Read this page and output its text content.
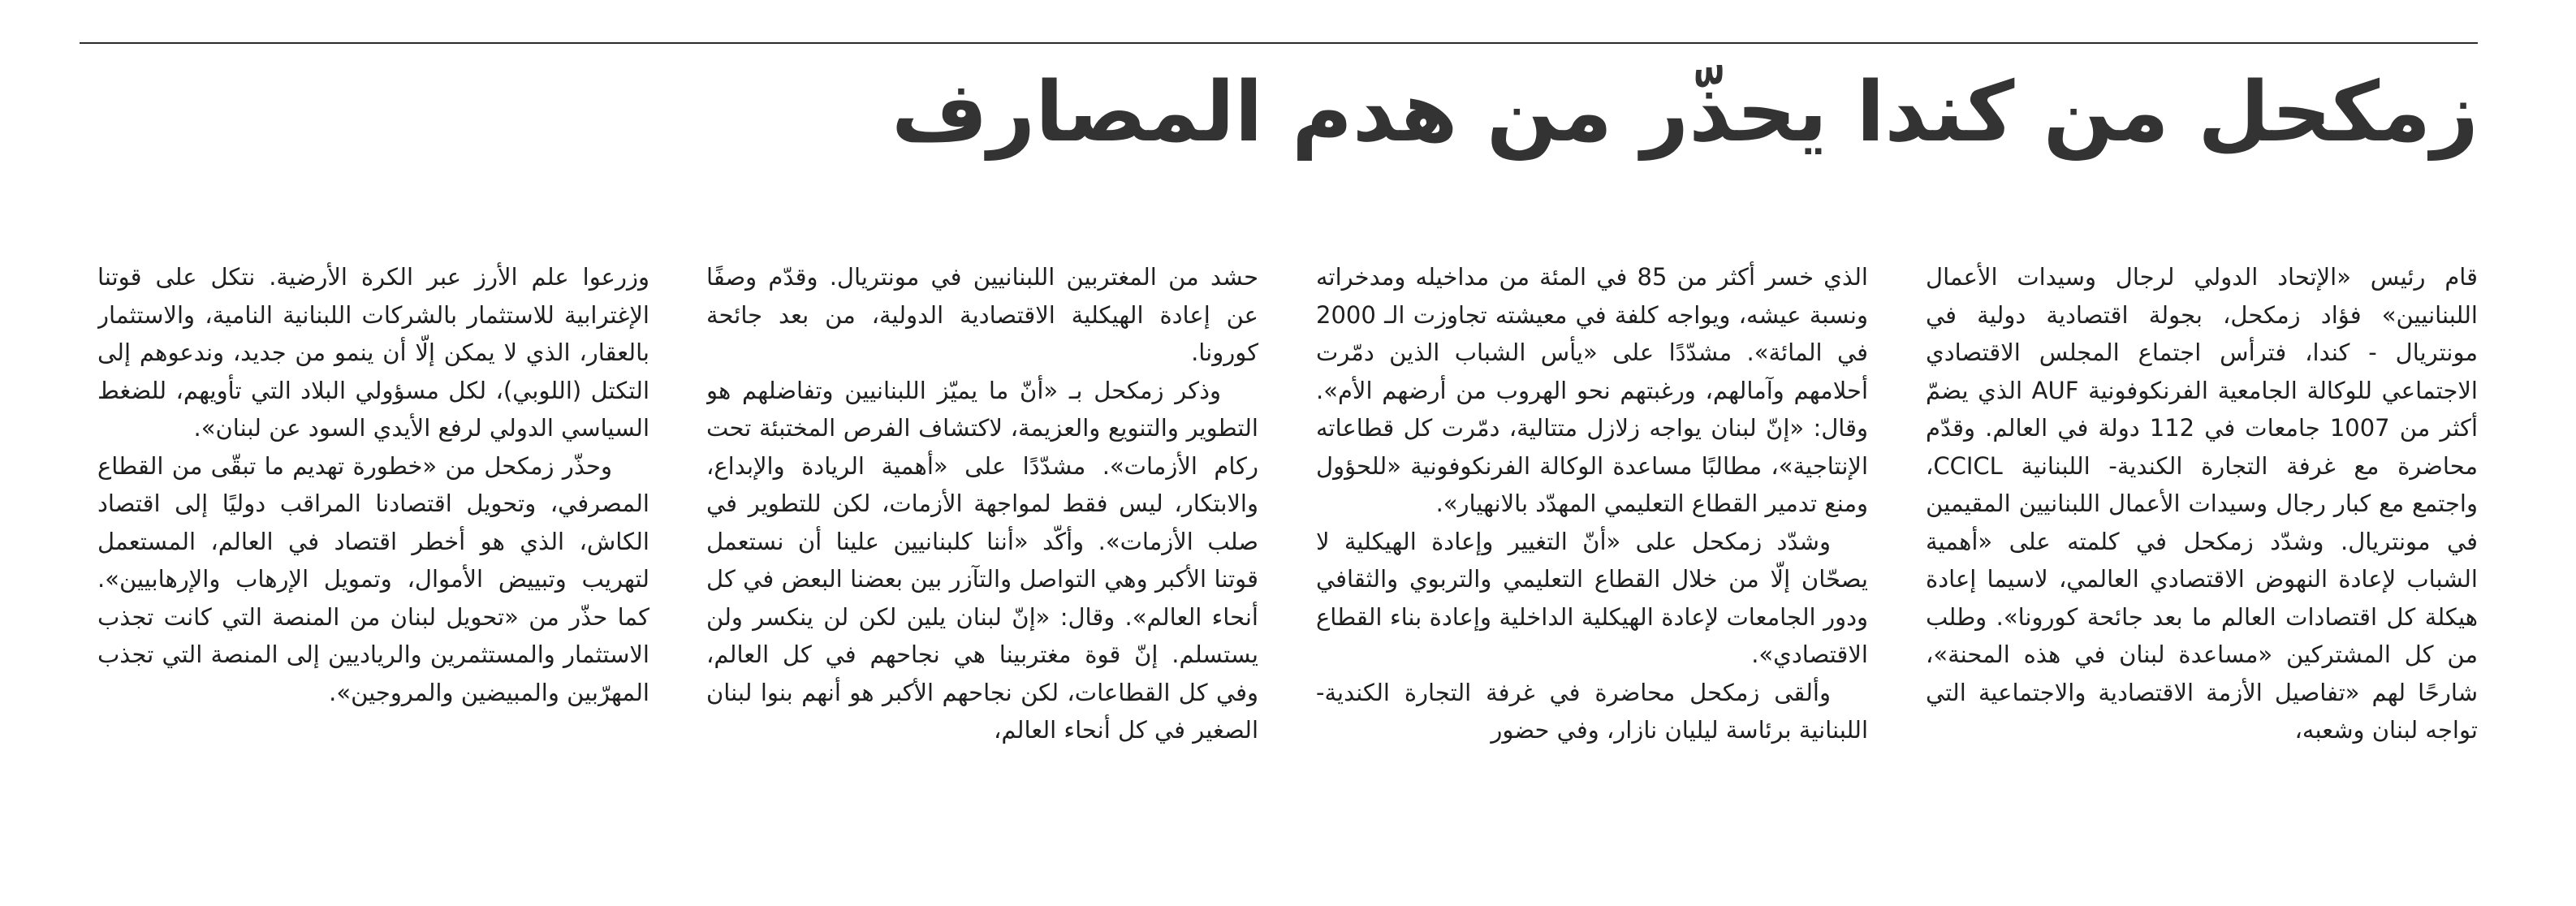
زمكحل من كندا يحذّر من هدم المصارف

قام رئيس «الإتحاد الدولي لرجال وسيدات الأعمال اللبنانيين» فؤاد زمكحل، بجولة اقتصادية دولية في مونتريال - كندا، فترأس اجتماع المجلس الاقتصادي الاجتماعي للوكالة الجامعية الفرنكوفونية AUF الذي يضمّ أكثر من 1007 جامعات في 112 دولة في العالم. وقدّم محاضرة مع غرفة التجارة الكندية- اللبنانية CCICL، واجتمع مع كبار رجال وسيدات الأعمال اللبنانيين المقيمين في مونتريال. وشدّد زمكحل في كلمته على «أهمية الشباب لإعادة النهوض الاقتصادي العالمي، لاسيما إعادة هيكلة كل اقتصادات العالم ما بعد جائحة كورونا». وطلب من كل المشتركين «مساعدة لبنان في هذه المحنة»، شارحًا لهم «تفاصيل الأزمة الاقتصادية والاجتماعية التي تواجه لبنان وشعبه،

الذي خسر أكثر من 85 في المئة من مداخيله ومدخراته ونسبة عيشه، ويواجه كلفة في معيشته تجاوزت الـ 2000 في المائة». مشدّدًا على «يأس الشباب الذين دمّرت أحلامهم وآمالهم، ورغبتهم نحو الهروب من أرضهم الأم». وقال: «إنّ لبنان يواجه زلازل متتالية، دمّرت كل قطاعاته الإنتاجية»، مطالبًا مساعدة الوكالة الفرنكوفونية «للحؤول ومنع تدمير القطاع التعليمي المهدّد بالانهيار».

وشدّد زمكحل على «أنّ التغيير وإعادة الهيكلية لا يصحّان إلّا من خلال القطاع التعليمي والتربوي والثقافي ودور الجامعات لإعادة الهيكلية الداخلية وإعادة بناء القطاع الاقتصادي».

وألقى زمكحل محاضرة في غرفة التجارة الكندية- اللبنانية برئاسة ليليان نازار، وفي حضور

حشد من المغتربين اللبنانيين في مونتريال. وقدّم وصفًا عن إعادة الهيكلية الاقتصادية الدولية، من بعد جائحة كورونا.

وذكر زمكحل بـ «أنّ ما يميّز اللبنانيين وتفاضلهم هو التطوير والتنويع والعزيمة، لاكتشاف الفرص المختبئة تحت ركام الأزمات». مشدّدًا على «أهمية الريادة والإبداع، والابتكار، ليس فقط لمواجهة الأزمات، لكن للتطوير في صلب الأزمات». وأكّد «أننا كلبنانيين علينا أن نستعمل قوتنا الأكبر وهي التواصل والتآزر بين بعضنا البعض في كل أنحاء العالم». وقال: «إنّ لبنان يلين لكن لن ينكسر ولن يستسلم. إنّ قوة مغتربينا هي نجاحهم في كل العالم، وفي كل القطاعات، لكن نجاحهم الأكبر هو أنهم بنوا لبنان الصغير في كل أنحاء العالم،

وزرعوا علم الأرز عبر الكرة الأرضية. نتكل على قوتنا الإغترابية للاستثمار بالشركات اللبنانية النامية، والاستثمار بالعقار، الذي لا يمكن إلّا أن ينمو من جديد، وندعوهم إلى التكتل (اللوبي)، لكل مسؤولي البلاد التي تأويهم، للضغط السياسي الدولي لرفع الأيدي السود عن لبنان».

وحذّر زمكحل من «خطورة تهديم ما تبقّى من القطاع المصرفي، وتحويل اقتصادنا المراقب دوليًا إلى اقتصاد الكاش، الذي هو أخطر اقتصاد في العالم، المستعمل لتهريب وتبييض الأموال، وتمويل الإرهاب والإرهابيين». كما حذّر من «تحويل لبنان من المنصة التي كانت تجذب الاستثمار والمستثمرين والرياديين إلى المنصة التي تجذب المهرّبين والمبيضين والمروجين».
